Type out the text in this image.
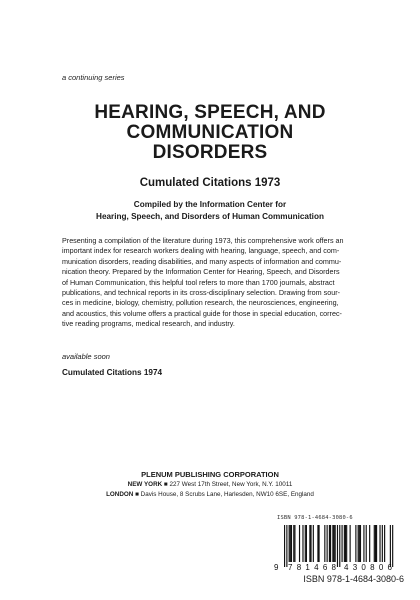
a continuing series
HEARING, SPEECH, AND
COMMUNICATION
DISORDERS
Cumulated Citations 1973
Compiled by the Information Center for
Hearing, Speech, and Disorders of Human Communication
Presenting a compilation of the literature during 1973, this comprehensive work offers an
important index for research workers dealing with hearing, language, speech, and com-
munication disorders, reading disabilities, and many aspects of information and commu-
nication theory. Prepared by the Information Center for Hearing, Speech, and Disorders
of Human Communication, this helpful tool refers to more than 1700 journals, abstract
publications, and technical reports in its cross-disciplinary selection. Drawing from sour-
ces in medicine, biology, chemistry, pollution research, the neurosciences, engineering,
and acoustics, this volume offers a practical guide for those in special education, correc-
tive reading programs, medical research, and industry.
available soon
Cumulated Citations 1974
PLENUM PUBLISHING CORPORATION
NEW YORK ■ 227 West 17th Street, New York, N.Y. 10011
LONDON ■ Davis House, 8 Scrubs Lane, Harlesden, NW10 6SE, England
ISBN 978-1-4684-3080-6
9 781468 430806
ISBN 978-1-4684-3080-6
